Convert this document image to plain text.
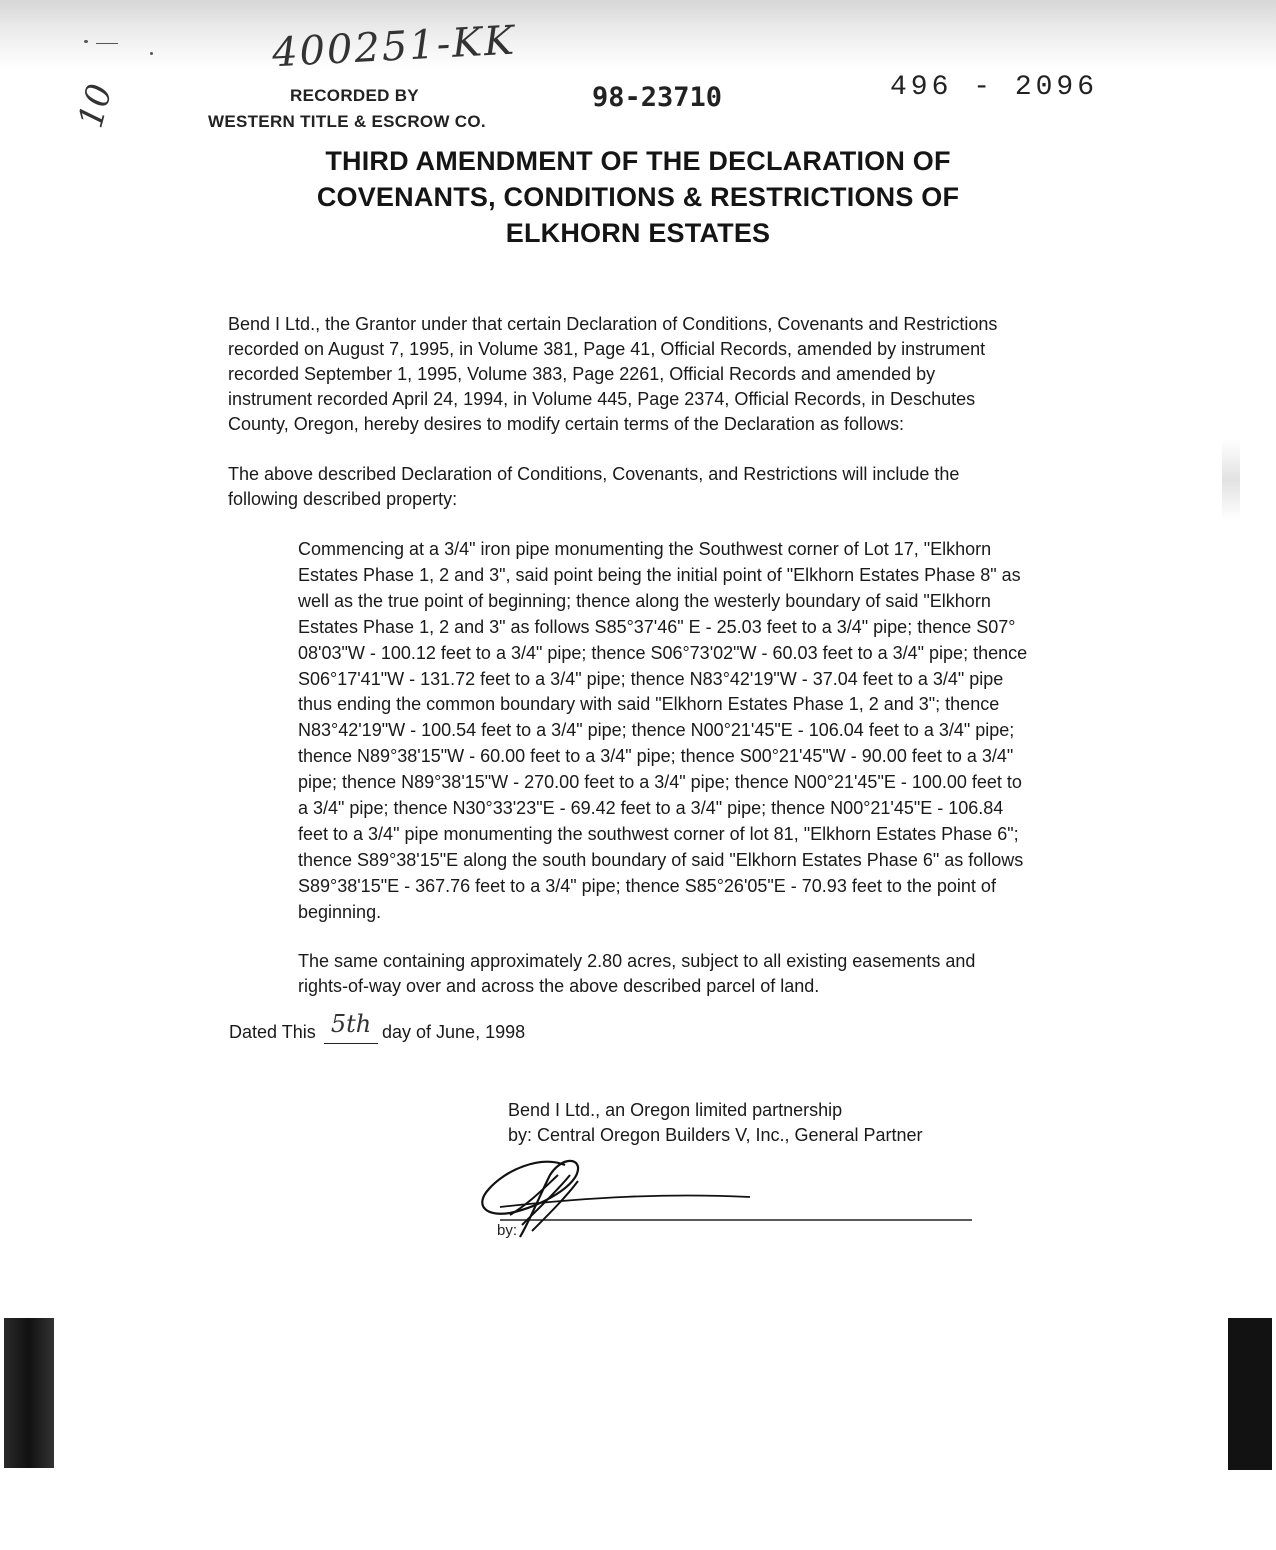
400251-KK
10	RECORDED BY
WESTERN TITLE & ESCROW CO.
98-23710	496 - 2096
THIRD AMENDMENT OF THE DECLARATION OF
COVENANTS, CONDITIONS & RESTRICTIONS OF
ELKHORN ESTATES
Bend I Ltd., the Grantor under that certain Declaration of Conditions, Covenants and Restrictions
recorded on August 7, 1995, in Volume 381, Page 41, Official Records, amended by instrument
recorded September 1, 1995, Volume 383, Page 2261, Official Records and amended by
instrument recorded April 24, 1994, in Volume 445, Page 2374, Official Records, in Deschutes
County, Oregon, hereby desires to modify certain terms of the Declaration as follows:
The above described Declaration of Conditions, Covenants, and Restrictions will include the
following described property:
Commencing at a 3/4" iron pipe monumenting the Southwest corner of Lot 17, "Elkhorn
Estates Phase 1, 2 and 3", said point being the initial point of "Elkhorn Estates Phase 8" as
well as the true point of beginning; thence along the westerly boundary of said "Elkhorn
Estates Phase 1, 2 and 3" as follows S85°37'46" E - 25.03 feet to a 3/4" pipe; thence S07°
08'03"W - 100.12 feet to a 3/4" pipe; thence S06°73'02"W - 60.03 feet to a 3/4" pipe; thence
S06°17'41"W - 131.72 feet to a 3/4" pipe; thence N83°42'19"W - 37.04 feet to a 3/4" pipe
thus ending the common boundary with said "Elkhorn Estates Phase 1, 2 and 3"; thence
N83°42'19"W - 100.54 feet to a 3/4" pipe; thence N00°21'45"E - 106.04 feet to a 3/4" pipe;
thence N89°38'15"W - 60.00 feet to a 3/4" pipe; thence S00°21'45"W - 90.00 feet to a 3/4"
pipe; thence N89°38'15"W - 270.00 feet to a 3/4" pipe; thence N00°21'45"E - 100.00 feet to
a 3/4" pipe; thence N30°33'23"E - 69.42 feet to a 3/4" pipe; thence N00°21'45"E - 106.84
feet to a 3/4" pipe monumenting the southwest corner of lot 81, "Elkhorn Estates Phase 6";
thence S89°38'15"E along the south boundary of said "Elkhorn Estates Phase 6" as follows
S89°38'15"E - 367.76 feet to a 3/4" pipe; thence S85°26'05"E - 70.93 feet to the point of
beginning.
The same containing approximately 2.80 acres, subject to all existing easements and
rights-of-way over and across the above described parcel of land.
Dated This 5th day of June, 1998
Bend I Ltd., an Oregon limited partnership
by: Central Oregon Builders V, Inc., General Partner
by:
